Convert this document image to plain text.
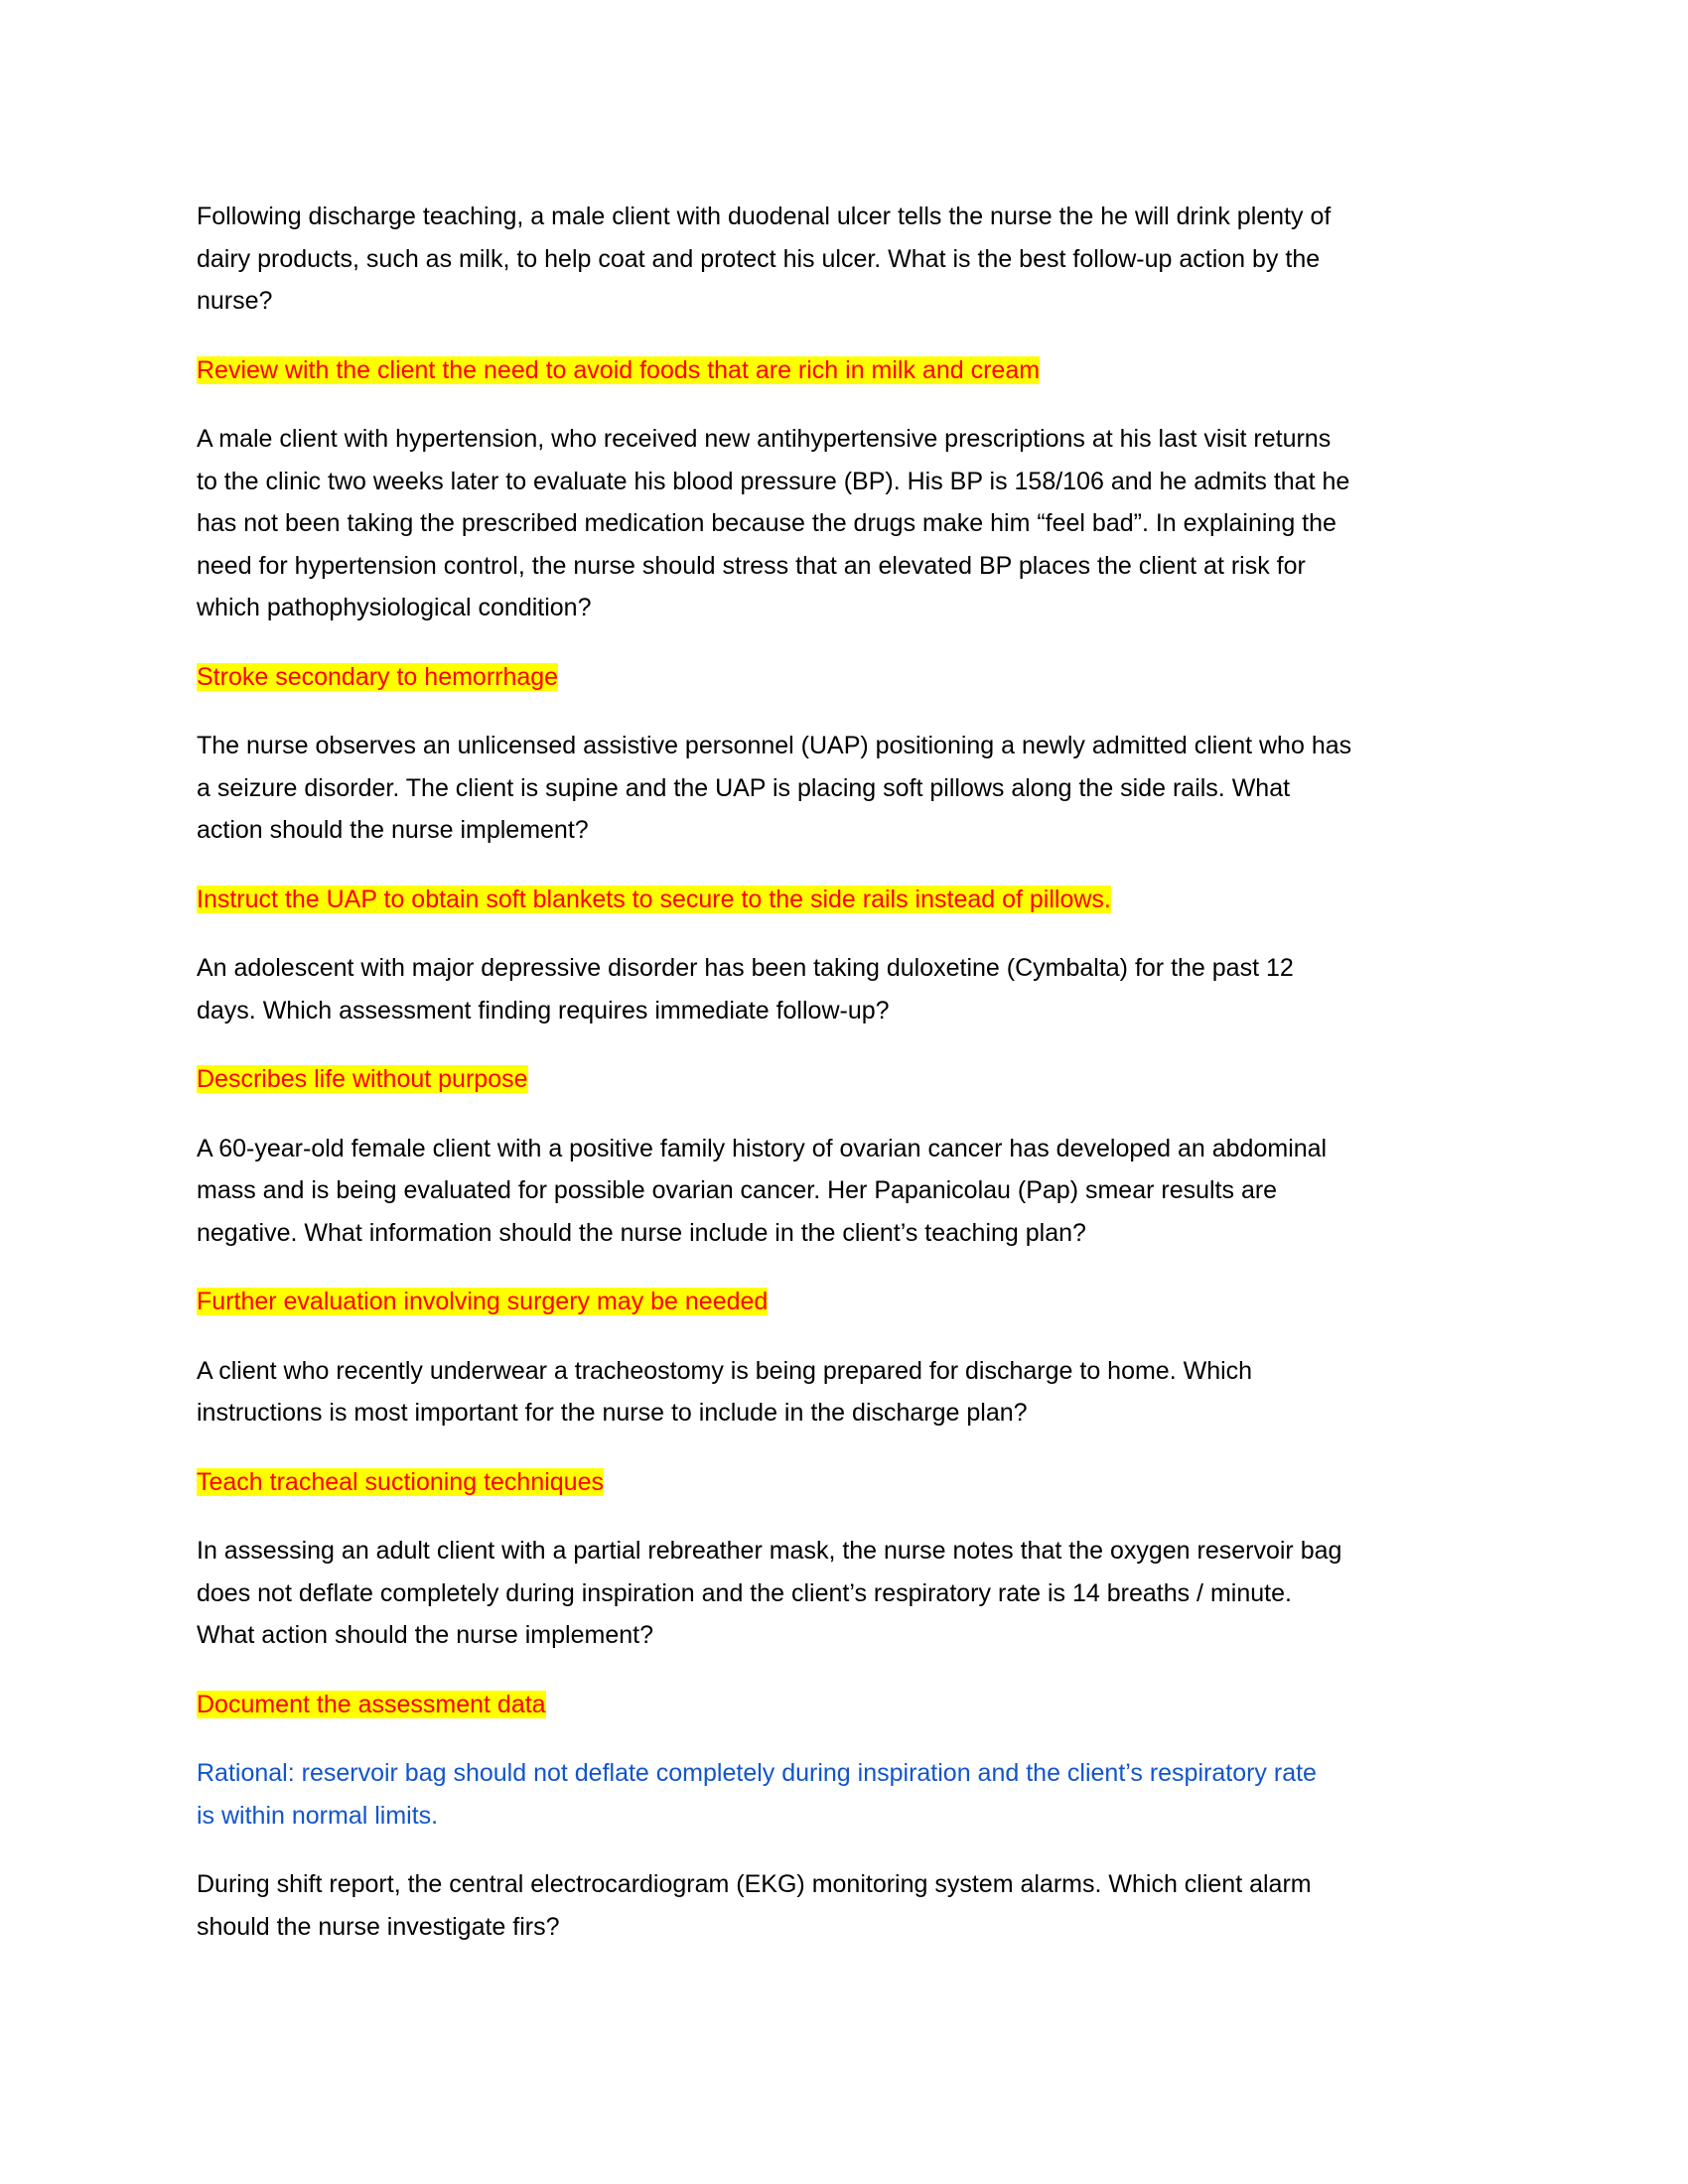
Following discharge teaching, a male client with duodenal ulcer tells the nurse the he will drink plenty of
dairy products, such as milk, to help coat and protect his ulcer. What is the best follow-up action by the
nurse?

Review with the client the need to avoid foods that are rich in milk and cream

A male client with hypertension, who received new antihypertensive prescriptions at his last visit returns
to the clinic two weeks later to evaluate his blood pressure (BP). His BP is 158/106 and he admits that he
has not been taking the prescribed medication because the drugs make him “feel bad”. In explaining the
need for hypertension control, the nurse should stress that an elevated BP places the client at risk for
which pathophysiological condition?

Stroke secondary to hemorrhage

The nurse observes an unlicensed assistive personnel (UAP) positioning a newly admitted client who has
a seizure disorder. The client is supine and the UAP is placing soft pillows along the side rails. What
action should the nurse implement?

Instruct the UAP to obtain soft blankets to secure to the side rails instead of pillows.

An adolescent with major depressive disorder has been taking duloxetine (Cymbalta) for the past 12
days. Which assessment finding requires immediate follow-up?

Describes life without purpose

A 60-year-old female client with a positive family history of ovarian cancer has developed an abdominal
mass and is being evaluated for possible ovarian cancer. Her Papanicolau (Pap) smear results are
negative. What information should the nurse include in the client’s teaching plan?

Further evaluation involving surgery may be needed

A client who recently underwear a tracheostomy is being prepared for discharge to home. Which
instructions is most important for the nurse to include in the discharge plan?

Teach tracheal suctioning techniques

In assessing an adult client with a partial rebreather mask, the nurse notes that the oxygen reservoir bag
does not deflate completely during inspiration and the client’s respiratory rate is 14 breaths / minute.
What action should the nurse implement?

Document the assessment data

Rational: reservoir bag should not deflate completely during inspiration and the client’s respiratory rate
is within normal limits.

During shift report, the central electrocardiogram (EKG) monitoring system alarms. Which client alarm
should the nurse investigate firs?
